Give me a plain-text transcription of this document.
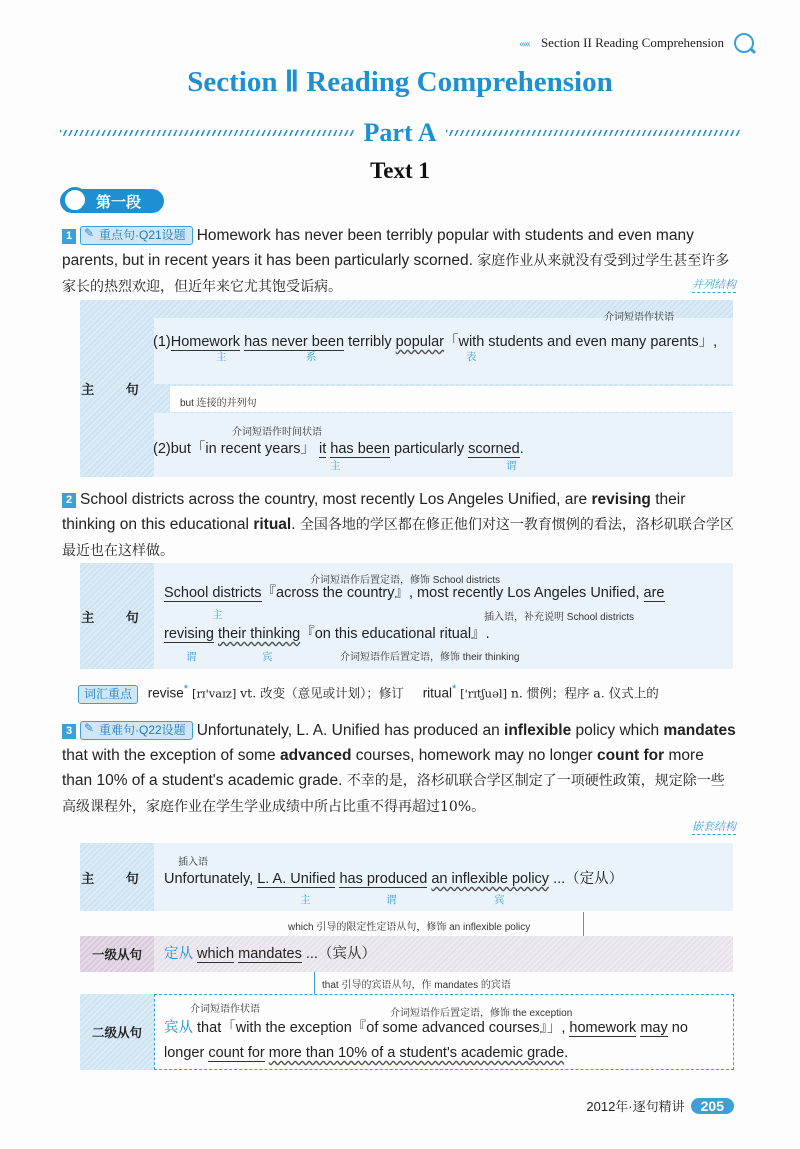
‹‹‹‹‹ Section II Reading Comprehension
Section Ⅱ Reading Comprehension
Part A
Text 1
第一段
1 ✎ 重点句·Q21设题 Homework has never been terribly popular with students and even many parents, but in recent years it has been particularly scorned. 家庭作业从来就没有受到过学生甚至许多家长的热烈欢迎，但近年来它尤其饱受诟病。	并列结构
主 句
介词短语作状语
(1)Homework has never been terribly popular「with students and even many parents」,
主	系	表
but 连接的并列句
介词短语作时间状语
(2)but「in recent years」 it has been particularly scorned.
主	谓
2 School districts across the country, most recently Los Angeles Unified, are revising their thinking on this educational ritual. 全国各地的学区都在修正他们对这一教育惯例的看法，洛杉矶联合学区最近也在这样做。
主 句
介词短语作后置定语，修饰 School districts
School districts『across the country』, most recently Los Angeles Unified, are
主	插入语，补充说明 School districts
revising their thinking『on this educational ritual』.
谓	宾	介词短语作后置定语，修饰 their thinking
词汇重点 revise* [rɪ'vaɪz] vt. 改变（意见或计划）；修订 ritual* ['rɪtʃuəl] n. 惯例；程序 a. 仪式上的
3 ✎ 重难句·Q22设题 Unfortunately, L. A. Unified has produced an inflexible policy which mandates that with the exception of some advanced courses, homework may no longer count for more than 10% of a student's academic grade. 不幸的是，洛杉矶联合学区制定了一项硬性政策，规定除一些高级课程外，家庭作业在学生学业成绩中所占比重不得再超过10%。
嵌套结构
主 句
插入语
Unfortunately, L. A. Unified has produced an inflexible policy ...（定从）
主	谓	宾
which 引导的限定性定语从句，修饰 an inflexible policy
一级从句	定从 which mandates ...（宾从）
that 引导的宾语从句，作 mandates 的宾语
二级从句
介词短语作状语	介词短语作后置定语，修饰 the exception
宾从 that「with the exception『of some advanced courses』」, homework may no longer count for more than 10% of a student's academic grade.
2012年·逐句精讲	205
